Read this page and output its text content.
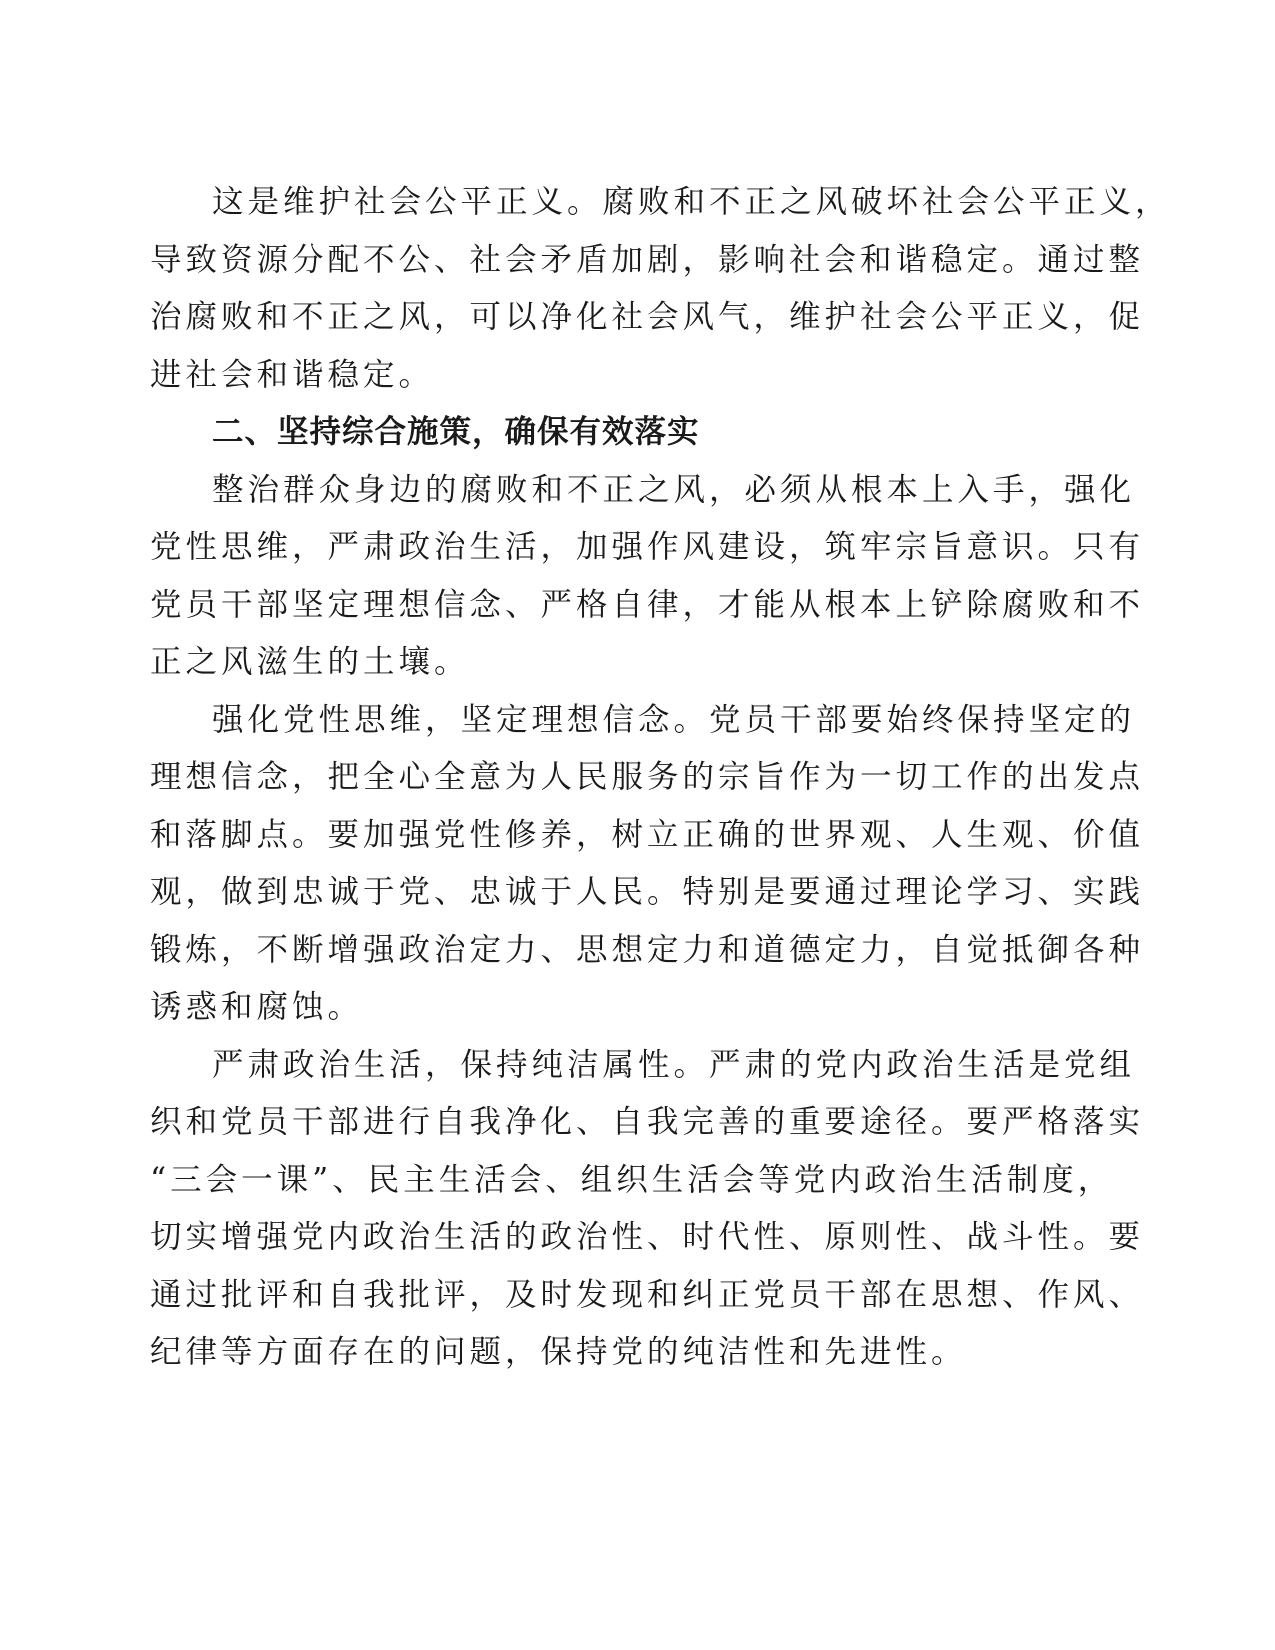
这是维护社会公平正义。腐败和不正之风破坏社会公平正义，
导致资源分配不公、社会矛盾加剧，影响社会和谐稳定。通过整
治腐败和不正之风，可以净化社会风气，维护社会公平正义，促
进社会和谐稳定。
二、坚持综合施策，确保有效落实
整治群众身边的腐败和不正之风，必须从根本上入手，强化
党性思维，严肃政治生活，加强作风建设，筑牢宗旨意识。只有
党员干部坚定理想信念、严格自律，才能从根本上铲除腐败和不
正之风滋生的土壤。
强化党性思维，坚定理想信念。党员干部要始终保持坚定的
理想信念，把全心全意为人民服务的宗旨作为一切工作的出发点
和落脚点。要加强党性修养，树立正确的世界观、人生观、价值
观，做到忠诚于党、忠诚于人民。特别是要通过理论学习、实践
锻炼，不断增强政治定力、思想定力和道德定力，自觉抵御各种
诱惑和腐蚀。
严肃政治生活，保持纯洁属性。严肃的党内政治生活是党组
织和党员干部进行自我净化、自我完善的重要途径。要严格落实
“三会一课”、民主生活会、组织生活会等党内政治生活制度，
切实增强党内政治生活的政治性、时代性、原则性、战斗性。要
通过批评和自我批评，及时发现和纠正党员干部在思想、作风、
纪律等方面存在的问题，保持党的纯洁性和先进性。
